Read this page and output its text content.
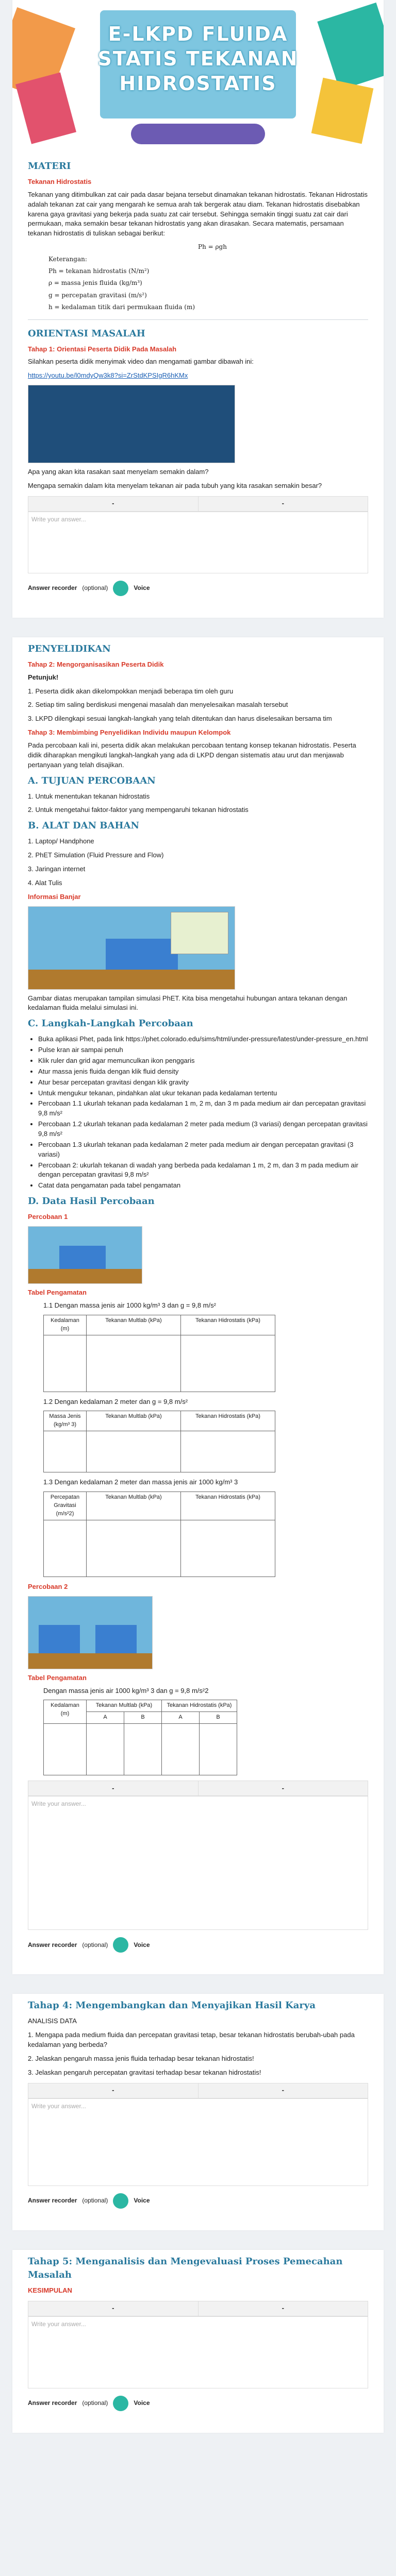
E-LKPD FLUIDA
STATIS TEKANAN
HIDROSTATIS
MATERI
Tekanan Hidrostatis

Tekanan yang ditimbulkan zat cair pada dasar bejana tersebut dinamakan tekanan hidrostatis. Tekanan Hidrostatis adalah tekanan zat cair yang mengarah ke semua arah tak bergerak atau diam. Tekanan hidrostatis disebabkan karena gaya gravitasi yang bekerja pada suatu zat cair tersebut. Sehingga semakin tinggi suatu zat cair dari permukaan, maka semakin besar tekanan hidrostatis yang akan dirasakan. Secara matematis, persamaan tekanan hidrostatis di tuliskan sebagai berikut:

Ph = ρgh
Keterangan:
Ph = tekanan hidrostatis (N/m²)
ρ = massa jenis fluida (kg/m³)
g = percepatan gravitasi (m/s²)
h = kedalaman titik dari permukaan fluida (m)
ORIENTASI MASALAH
Tahap 1: Orientasi Peserta Didik Pada Masalah

Silahkan peserta didik menyimak video dan mengamati gambar dibawah ini:

https://youtu.be/l0mdyQw3k8?si=ZrStdKPSIgR6hKMx

Apa yang akan kita rasakan saat menyelam semakin dalam?

Mengapa semakin dalam kita menyelam tekanan air pada tubuh yang kita rasakan semakin besar?

-	-
Write your answer...
Answer recorder (optional)	Voice
PENYELIDIKAN
Tahap 2: Mengorganisasikan Peserta Didik

Petunjuk!

1. Peserta didik akan dikelompokkan menjadi beberapa tim oleh guru

2. Setiap tim saling berdiskusi mengenai masalah dan menyelesaikan masalah tersebut

3. LKPD dilengkapi sesuai langkah-langkah yang telah ditentukan dan harus diselesaikan bersama tim

Tahap 3: Membimbing Penyelidikan Individu maupun Kelompok

Pada percobaan kali ini, peserta didik akan melakukan percobaan tentang konsep tekanan hidrostatis. Peserta didik diharapkan mengikuti langkah-langkah yang ada di LKPD dengan sistematis atau urut dan menjawab pertanyaan yang telah disajikan.

A. TUJUAN PERCOBAAN

1. Untuk menentukan tekanan hidrostatis

2. Untuk mengetahui faktor-faktor yang mempengaruhi tekanan hidrostatis

B. ALAT DAN BAHAN

1. Laptop/ Handphone

2. PhET Simulation (Fluid Pressure and Flow)

3. Jaringan internet

4. Alat Tulis

Informasi Banjar

Gambar diatas merupakan tampilan simulasi PhET. Kita bisa mengetahui hubungan antara tekanan dengan kedalaman fluida melalui simulasi ini.

C. Langkah-Langkah Percobaan
• Buka aplikasi Phet, pada link https://phet.colorado.edu/sims/html/under-pressure/latest/under-pressure_en.html
• Pulse kran air sampai penuh
• Klik ruler dan grid agar memunculkan ikon penggaris
• Atur massa jenis fluida dengan klik fluid density
• Atur besar percepatan gravitasi dengan klik gravity
• Untuk mengukur tekanan, pindahkan alat ukur tekanan pada kedalaman tertentu
• Percobaan 1.1 ukurlah tekanan pada kedalaman 1 m, 2 m, dan 3 m pada medium air dan percepatan gravitasi 9,8 m/s²
• Percobaan 1.2 ukurlah tekanan pada kedalaman 2 meter pada medium (3 variasi) dengan percepatan gravitasi 9,8 m/s²
• Percobaan 1.3 ukurlah tekanan pada kedalaman 2 meter pada medium air dengan percepatan gravitasi (3 variasi)
• Percobaan 2: ukurlah tekanan di wadah yang berbeda pada kedalaman 1 m, 2 m, dan 3 m pada medium air dengan percepatan gravitasi 9,8 m/s²
• Catat data pengamatan pada tabel pengamatan
D. Data Hasil Percobaan
Percobaan 1
Tabel Pengamatan

1.1 Dengan massa jenis air 1000 kg/m³ 3 dan g = 9,8 m/s²

Kedalaman (m)	Tekanan Multlab (kPa)	Tekanan Hidrostatis (kPa)

1.2 Dengan kedalaman 2 meter dan g = 9,8 m/s²

Massa Jenis (kg/m³ 3)	Tekanan Multlab (kPa)	Tekanan Hidrostatis (kPa)

1.3 Dengan kedalaman 2 meter dan massa jenis air 1000 kg/m³ 3

Percepatan Gravitasi (m/s²2)	Tekanan Multlab (kPa)	Tekanan Hidrostatis (kPa)

Percobaan 2
Tabel Pengamatan

Dengan massa jenis air 1000 kg/m³ 3 dan g = 9,8 m/s²2

Kedalaman (m)	Tekanan Multlab (kPa)		Tekanan Hidrostatis (kPa)	
	A	B	A	B

-	-
Write your answer...
Answer recorder (optional)	Voice
Tahap 4: Mengembangkan dan Menyajikan Hasil Karya

ANALISIS DATA

1. Mengapa pada medium fluida dan percepatan gravitasi tetap, besar tekanan hidrostatis berubah-ubah pada kedalaman yang berbeda?

2. Jelaskan pengaruh massa jenis fluida terhadap besar tekanan hidrostatis!

3. Jelaskan pengaruh percepatan gravitasi terhadap besar tekanan hidrostatis!

-	-
Write your answer...
Answer recorder (optional)	Voice
Tahap 5: Menganalisis dan Mengevaluasi Proses Pemecahan Masalah
KESIMPULAN
-	-
Write your answer...
Answer recorder (optional)	Voice
